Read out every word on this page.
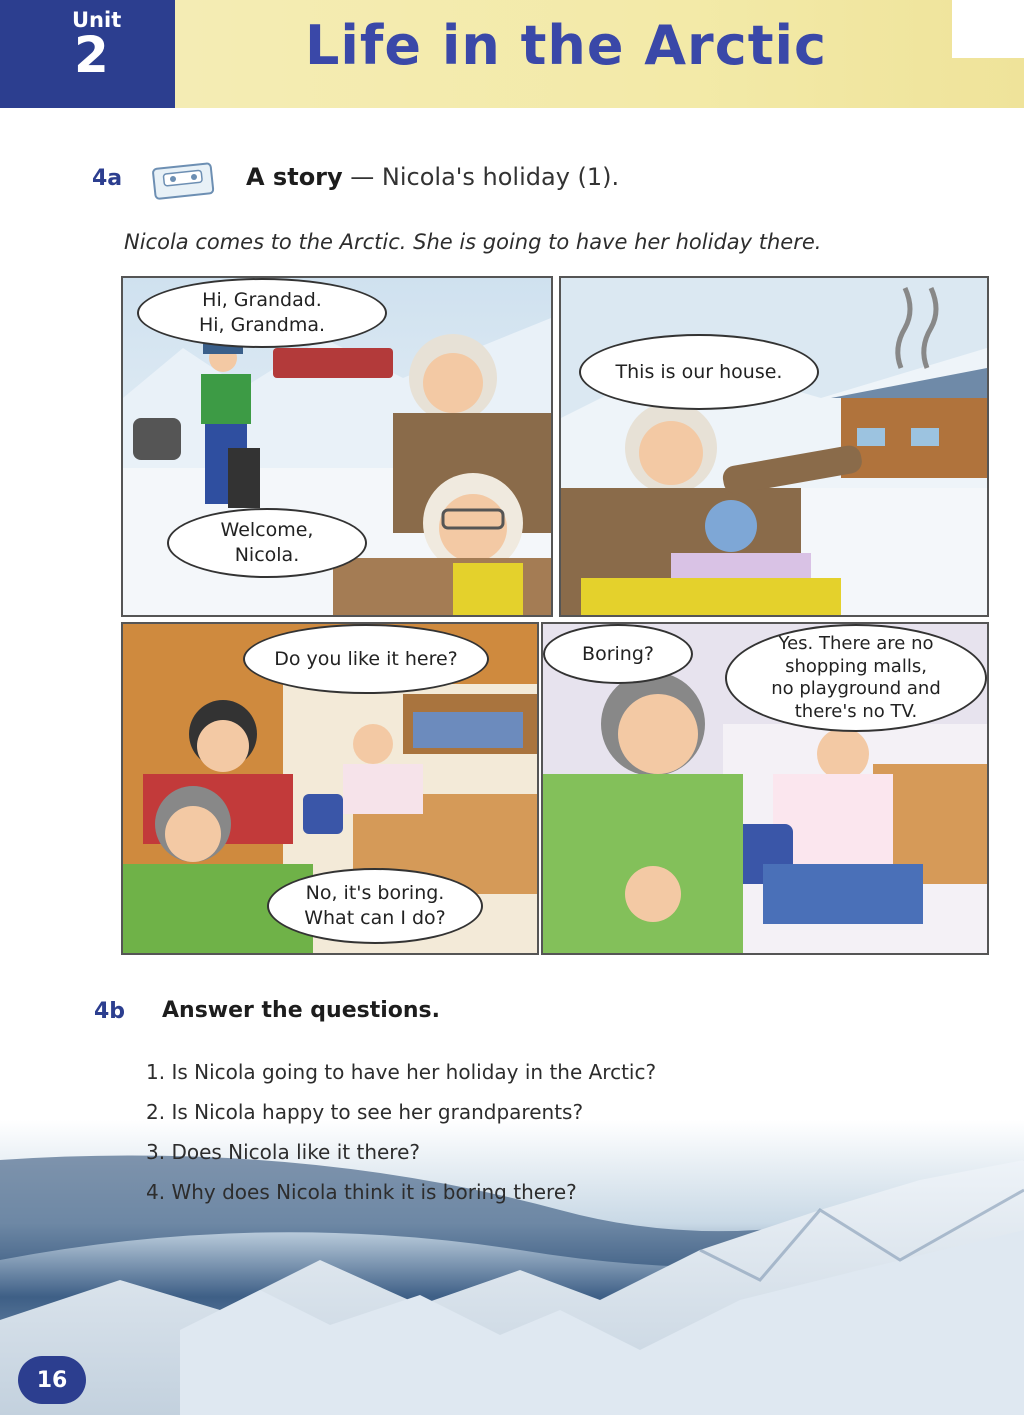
Unit
2	Life in the Arctic
4a	A story — Nicola's holiday (1).
Nicola comes to the Arctic. She is going to have her holiday there.
Hi, Grandad.
Hi, Grandma.
Welcome,
Nicola.
This is our house.
Do you like it here?
No, it's boring.
What can I do?
Boring?	Yes. There are no
shopping malls,
no playground and
there's no TV.
4b Answer the questions.
1. Is Nicola going to have her holiday in the Arctic?
2. Is Nicola happy to see her grandparents?
3. Does Nicola like it there?
4. Why does Nicola think it is boring there?
16
